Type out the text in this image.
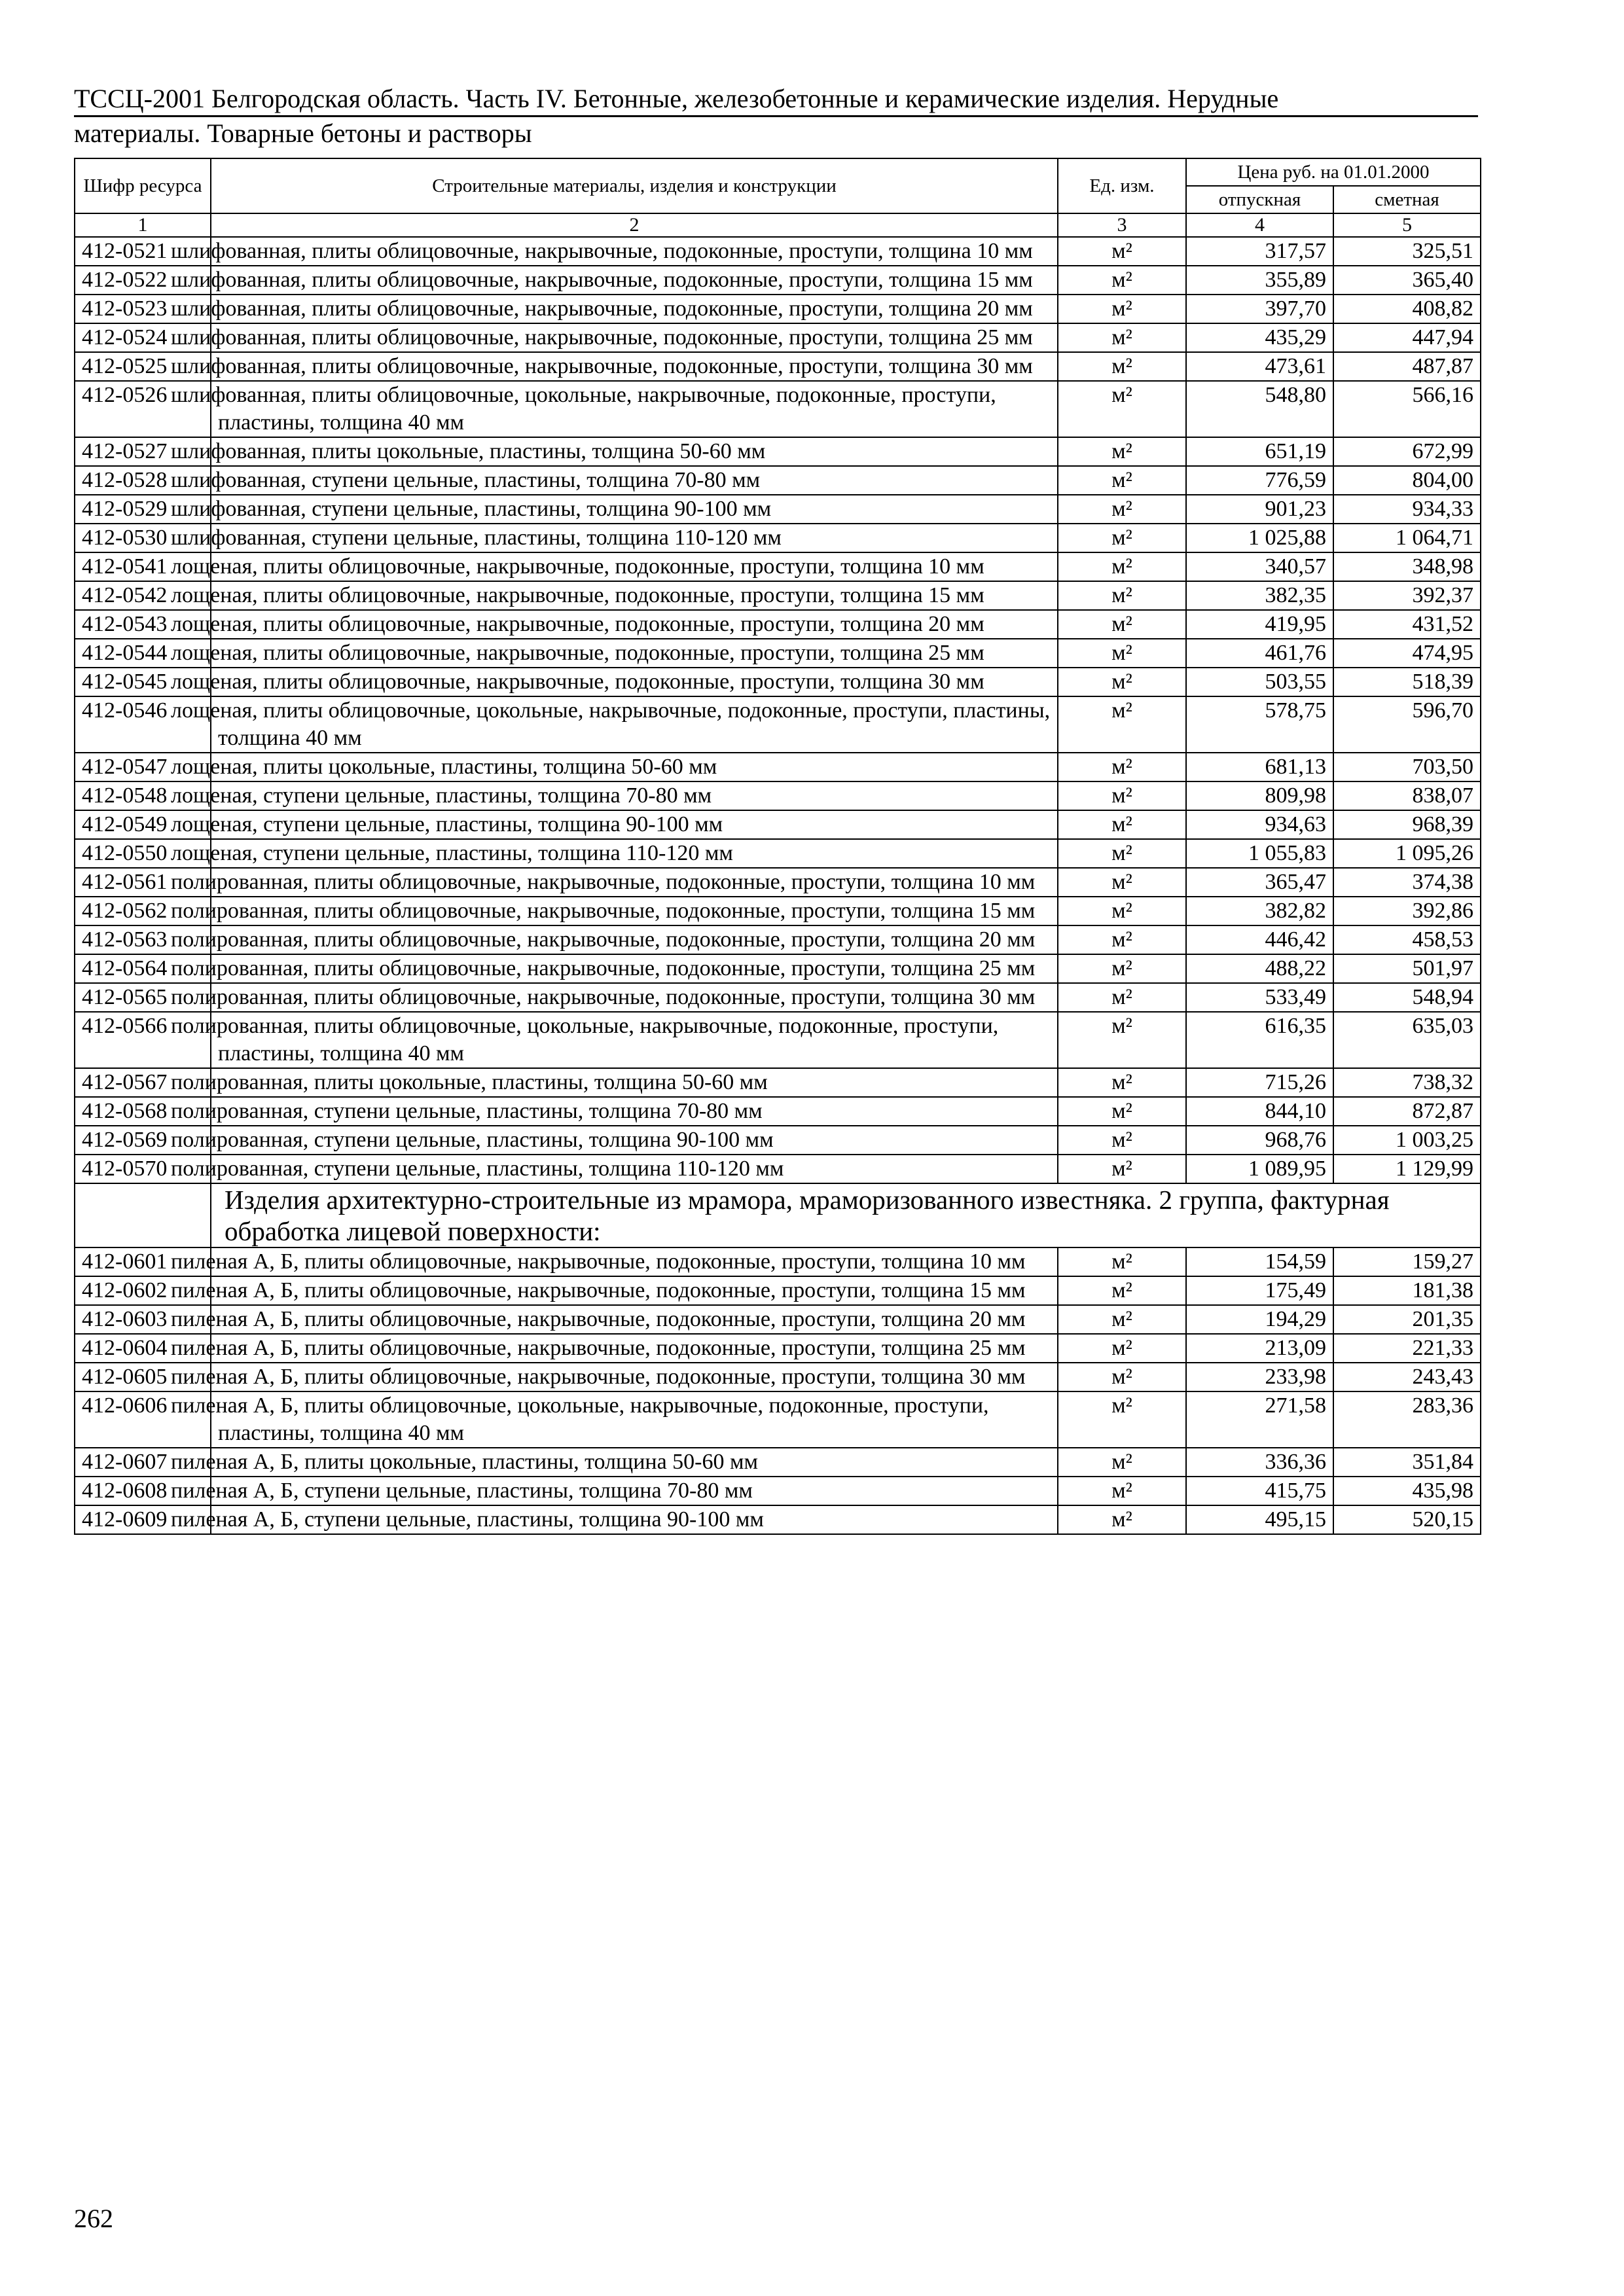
ТССЦ-2001 Белгородская область. Часть IV. Бетонные, железобетонные и керамические изделия. Нерудные
материалы. Товарные бетоны и растворы
Шифр ресурса	Строительные материалы, изделия и конструкции	Ед. изм.	Цена руб. на 01.01.2000	
			отпускная	сметная
1	2	3	4	5
412-0521	шлифованная, плиты облицовочные, накрывочные, подоконные, проступи, толщина 10 мм	м²	317,57	325,51
412-0522	шлифованная, плиты облицовочные, накрывочные, подоконные, проступи, толщина 15 мм	м²	355,89	365,40
412-0523	шлифованная, плиты облицовочные, накрывочные, подоконные, проступи, толщина 20 мм	м²	397,70	408,82
412-0524	шлифованная, плиты облицовочные, накрывочные, подоконные, проступи, толщина 25 мм	м²	435,29	447,94
412-0525	шлифованная, плиты облицовочные, накрывочные, подоконные, проступи, толщина 30 мм	м²	473,61	487,87
412-0526	шлифованная, плиты облицовочные, цокольные, накрывочные, подоконные, проступи, пластины, толщина 40 мм	м²	548,80	566,16
412-0527	шлифованная, плиты цокольные, пластины, толщина 50-60 мм	м²	651,19	672,99
412-0528	шлифованная, ступени цельные, пластины, толщина 70-80 мм	м²	776,59	804,00
412-0529	шлифованная, ступени цельные, пластины, толщина 90-100 мм	м²	901,23	934,33
412-0530	шлифованная, ступени цельные, пластины, толщина 110-120 мм	м²	1 025,88	1 064,71
412-0541	лощеная, плиты облицовочные, накрывочные, подоконные, проступи, толщина 10 мм	м²	340,57	348,98
412-0542	лощеная, плиты облицовочные, накрывочные, подоконные, проступи, толщина 15 мм	м²	382,35	392,37
412-0543	лощеная, плиты облицовочные, накрывочные, подоконные, проступи, толщина 20 мм	м²	419,95	431,52
412-0544	лощеная, плиты облицовочные, накрывочные, подоконные, проступи, толщина 25 мм	м²	461,76	474,95
412-0545	лощеная, плиты облицовочные, накрывочные, подоконные, проступи, толщина 30 мм	м²	503,55	518,39
412-0546	лощеная, плиты облицовочные, цокольные, накрывочные, подоконные, проступи, пластины, толщина 40 мм	м²	578,75	596,70
412-0547	лощеная, плиты цокольные, пластины, толщина 50-60 мм	м²	681,13	703,50
412-0548	лощеная, ступени цельные, пластины, толщина 70-80 мм	м²	809,98	838,07
412-0549	лощеная, ступени цельные, пластины, толщина 90-100 мм	м²	934,63	968,39
412-0550	лощеная, ступени цельные, пластины, толщина 110-120 мм	м²	1 055,83	1 095,26
412-0561	полированная, плиты облицовочные, накрывочные, подоконные, проступи, толщина 10 мм	м²	365,47	374,38
412-0562	полированная, плиты облицовочные, накрывочные, подоконные, проступи, толщина 15 мм	м²	382,82	392,86
412-0563	полированная, плиты облицовочные, накрывочные, подоконные, проступи, толщина 20 мм	м²	446,42	458,53
412-0564	полированная, плиты облицовочные, накрывочные, подоконные, проступи, толщина 25 мм	м²	488,22	501,97
412-0565	полированная, плиты облицовочные, накрывочные, подоконные, проступи, толщина 30 мм	м²	533,49	548,94
412-0566	полированная, плиты облицовочные, цокольные, накрывочные, подоконные, проступи, пластины, толщина 40 мм	м²	616,35	635,03
412-0567	полированная, плиты цокольные, пластины, толщина 50-60 мм	м²	715,26	738,32
412-0568	полированная, ступени цельные, пластины, толщина 70-80 мм	м²	844,10	872,87
412-0569	полированная, ступени цельные, пластины, толщина 90-100 мм	м²	968,76	1 003,25
412-0570	полированная, ступени цельные, пластины, толщина 110-120 мм	м²	1 089,95	1 129,99
	Изделия архитектурно-строительные из мрамора, мраморизованного известняка. 2 группа, фактурная обработка лицевой поверхности:			
412-0601	пиленая А, Б, плиты облицовочные, накрывочные, подоконные, проступи, толщина 10 мм	м²	154,59	159,27
412-0602	пиленая А, Б, плиты облицовочные, накрывочные, подоконные, проступи, толщина 15 мм	м²	175,49	181,38
412-0603	пиленая А, Б, плиты облицовочные, накрывочные, подоконные, проступи, толщина 20 мм	м²	194,29	201,35
412-0604	пиленая А, Б, плиты облицовочные, накрывочные, подоконные, проступи, толщина 25 мм	м²	213,09	221,33
412-0605	пиленая А, Б, плиты облицовочные, накрывочные, подоконные, проступи, толщина 30 мм	м²	233,98	243,43
412-0606	пиленая А, Б, плиты облицовочные, цокольные, накрывочные, подоконные, проступи, пластины, толщина 40 мм	м²	271,58	283,36
412-0607	пиленая А, Б, плиты цокольные, пластины, толщина 50-60 мм	м²	336,36	351,84
412-0608	пиленая А, Б, ступени цельные, пластины, толщина 70-80 мм	м²	415,75	435,98
412-0609	пиленая А, Б, ступени цельные, пластины, толщина 90-100 мм	м²	495,15	520,15
262
